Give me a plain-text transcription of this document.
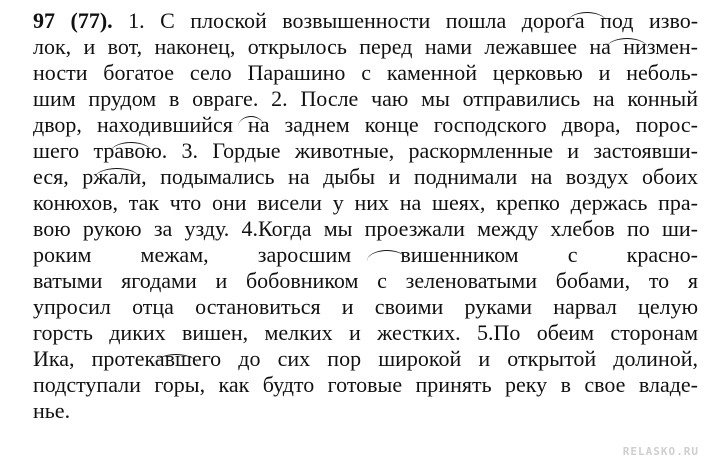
97 (77). 1. С плоской возвышенности пошла дорога под изво-
лок, и вот, наконец, открылось перед нами лежавшее на низмен-
ности богатое село Парашино с каменной церковью и неболь-
шим прудом в овраге. 2. После чаю мы отправились на конный
двор, находившийся на заднем конце господского двора, порос-
шего травою. 3. Гордые животные, раскормленные и застоявши-
еся, ржали, подымались на дыбы и поднимали на воздух обоих
конюхов, так что они висели у них на шеях, крепко держась пра-
вою рукою за узду. 4.Когда мы проезжали между хлебов по ши-
роким межам, заросшим вишенником с красно-
ватыми ягодами и бобовником с зеленоватыми бобами, то я
упросил отца остановиться и своими руками нарвал целую
горсть диких вишен, мелких и жестких. 5.По обеим сторонам
Ика, протекавшего до сих пор широкой и открытой долиной,
подступали горы, как будто готовые принять реку в свое владе-
нье.
RELASKO.RU
